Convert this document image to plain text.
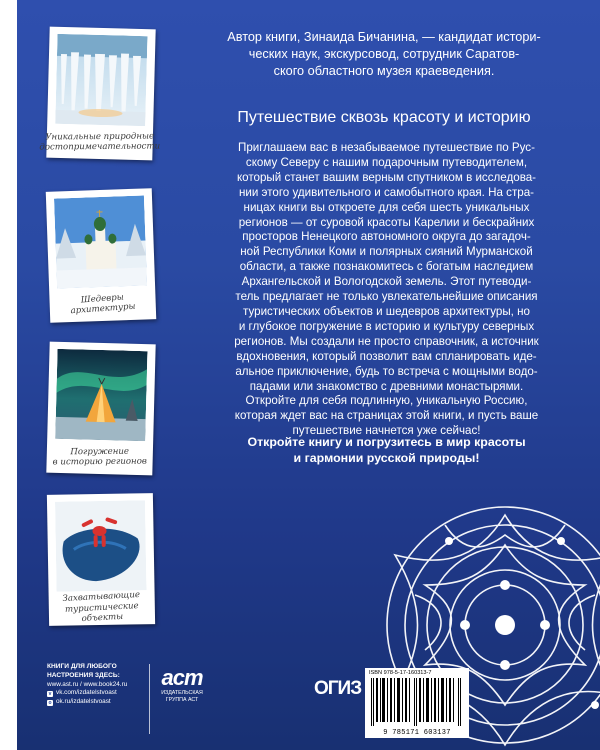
Уникальные природные
достопримечательности
Шедевры
архитектуры
Погружение
в историю регионов
Захватывающие
туристические объекты
Автор книги, Зинаида Бичанина, — кандидат истори-
ческих наук, экскурсовод, сотрудник Саратов-
ского областного музея краеведения.
Путешествие сквозь красоту и историю
Приглашаем вас в незабываемое путешествие по Рус-
скому Северу с нашим подарочным путеводителем,
который станет вашим верным спутником в исследова-
нии этого удивительного и самобытного края. На стра-
ницах книги вы откроете для себя шесть уникальных
регионов — от суровой красоты Карелии и бескрайних
просторов Ненецкого автономного округа до загадоч-
ной Республики Коми и полярных сияний Мурманской
области, а также познакомитесь с богатым наследием
Архангельской и Вологодской земель. Этот путеводи-
тель предлагает не только увлекательнейшие описания
туристических объектов и шедевров архитектуры, но
и глубокое погружение в историю и культуру северных
регионов. Мы создали не просто справочник, а источник
вдохновения, который позволит вам спланировать иде-
альное приключение, будь то встреча с мощными водо-
падами или знакомство с древними монастырями.
Откройте для себя подлинную, уникальную Россию,
которая ждет вас на страницах этой книги, и пусть ваше
путешествие начнется уже сейчас!
Откройте книгу и погрузитесь в мир красоты
и гармонии русской природы!
КНИГИ ДЛЯ ЛЮБОГО
НАСТРОЕНИЯ ЗДЕСЬ:
www.ast.ru / www.book24.ru
v vk.com/izdatelstvoast
o ok.ru/izdatelstvoast
аст
ИЗДАТЕЛЬСКАЯ
ГРУППА АСТ
ОГИЗ
ISBN 978-5-17-160313-7
9 785171 603137
